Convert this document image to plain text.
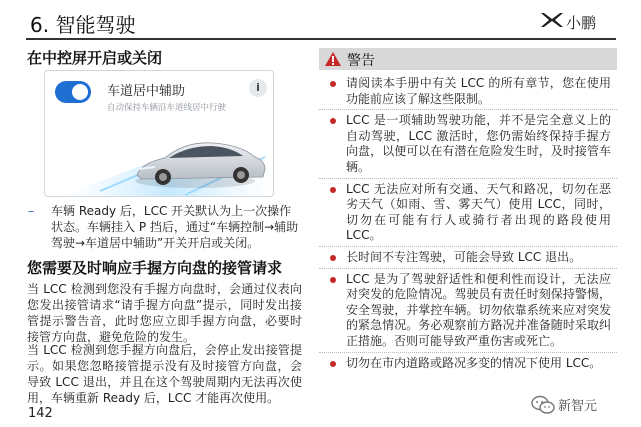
6. 智能驾驶	小鹏
在中控屏开启或关闭
车道居中辅助
自动保持车辆沿车道线居中行驶
i
– 车辆 Ready 后，LCC 开关默认为上一次操作状态。车辆挂入 P 挡后，通过“车辆控制→辅助驾驶→车道居中辅助”开关开启或关闭。
您需要及时响应手握方向盘的接管请求
当 LCC 检测到您没有手握方向盘时，会通过仪表向您发出接管请求“请手握方向盘”提示，同时发出接管提示警告音，此时您应立即手握方向盘，必要时接管方向盘，避免危险的发生。
当 LCC 检测到您手握方向盘后，会停止发出接管提示。如果您忽略接管提示没有及时接管方向盘，会导致 LCC 退出，并且在这个驾驶周期内无法再次使用，车辆重新 Ready 后，LCC 才能再次使用。
142
警告
请阅读本手册中有关 LCC 的所有章节，您在使用功能前应该了解这些限制。
LCC 是一项辅助驾驶功能，并不是完全意义上的自动驾驶，LCC 激活时，您仍需始终保持手握方向盘，以便可以在有潜在危险发生时，及时接管车辆。
LCC 无法应对所有交通、天气和路况，切勿在恶劣天气（如雨、雪、雾天气）使用 LCC，同时，切勿在可能有行人或骑行者出现的路段使用 LCC。
长时间不专注驾驶，可能会导致 LCC 退出。
LCC 是为了驾驶舒适性和便利性而设计，无法应对突发的危险情况。驾驶员有责任时刻保持警惕，安全驾驶，并掌控车辆。切勿依靠系统来应对突发的紧急情况。务必观察前方路况并准备随时采取纠正措施。否则可能导致严重伤害或死亡。
切勿在市内道路或路况多变的情况下使用 LCC。
新智元
